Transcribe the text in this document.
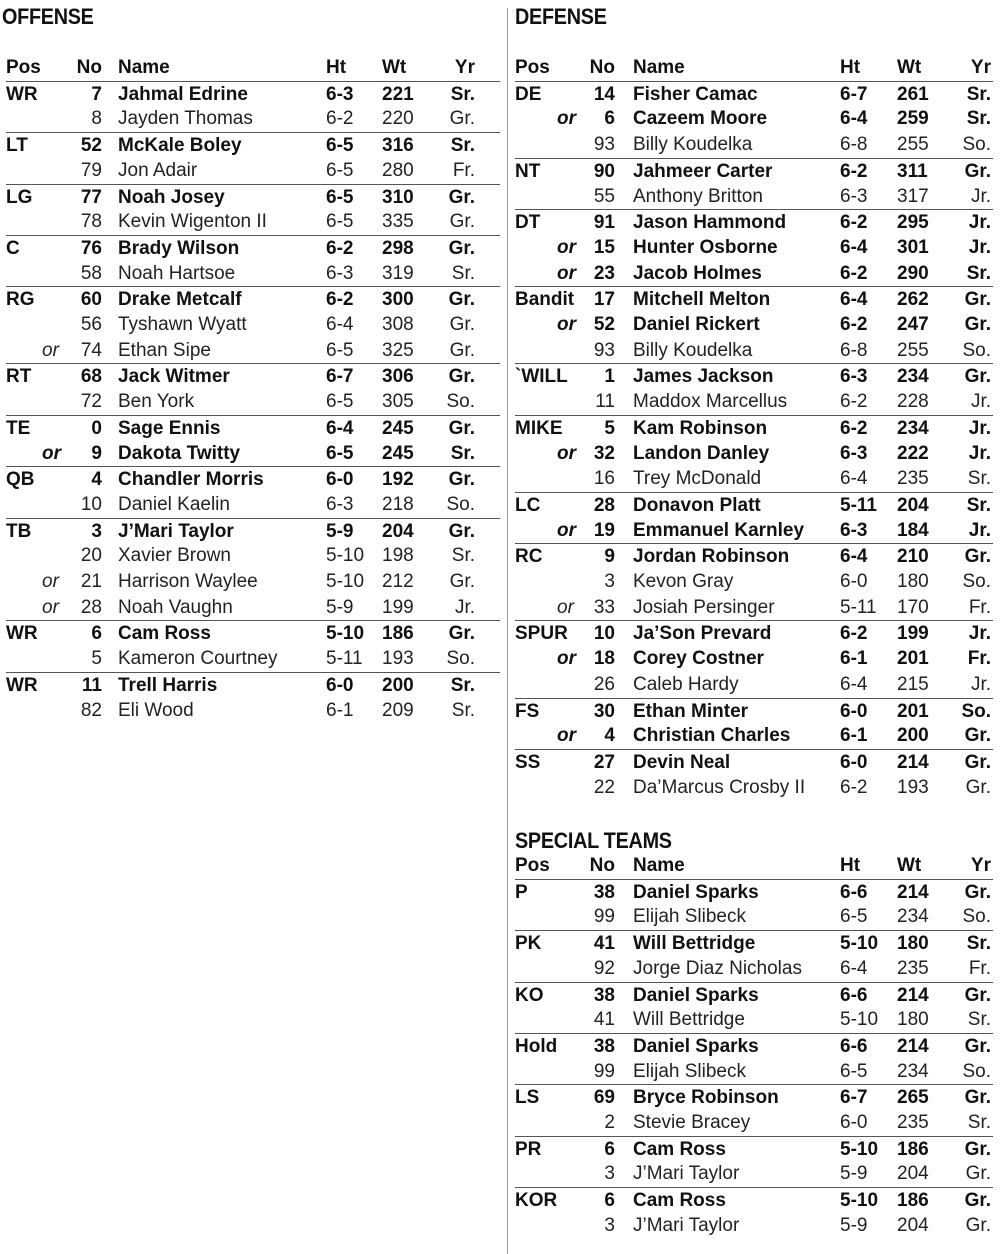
OFFENSE	DEFENSE
Pos	No Name	Ht Wt	Yr
WR	7 Jahmal Edrine	6-3 221	Sr.
8 Jayden Thomas	6-2 220	Gr.
LT	52 McKale Boley	6-5 316	Sr.
79 Jon Adair	6-5 280	Fr.
LG	77 Noah Josey	6-5 310	Gr.
78 Kevin Wigenton II	6-5 335	Gr.
C	76 Brady Wilson	6-2 298	Gr.
58 Noah Hartsoe	6-3 319	Sr.
RG	60 Drake Metcalf	6-2 300	Gr.
56 Tyshawn Wyatt	6-4 308	Gr.
or	74 Ethan Sipe	6-5 325	Gr.
RT	68 Jack Witmer	6-7 306	Gr.
72 Ben York	6-5 305	So.
TE	0 Sage Ennis	6-4 245	Gr.
or	9 Dakota Twitty	6-5 245	Sr.
QB	4 Chandler Morris	6-0 192	Gr.
10 Daniel Kaelin	6-3 218	So.
TB	3 J’Mari Taylor	5-9 204	Gr.
20 Xavier Brown	5-10 198	Sr.
or	21 Harrison Waylee	5-10 212	Gr.
or	28 Noah Vaughn	5-9 199	Jr.
WR	6 Cam Ross	5-10 186	Gr.
5 Kameron Courtney	5-11 193	So.
WR	11 Trell Harris	6-0 200	Sr.
82 Eli Wood	6-1 209	Sr.
Pos	No Name	Ht Wt	Yr
DE	14 Fisher Camac	6-7 261	Sr.
or	6 Cazeem Moore	6-4 259	Sr.
93 Billy Koudelka	6-8 255	So.
NT	90 Jahmeer Carter	6-2 311	Gr.
55 Anthony Britton	6-3 317	Jr.
DT	91 Jason Hammond	6-2 295	Jr.
or 15 Hunter Osborne	6-4 301	Jr.
or 23 Jacob Holmes	6-2 290	Sr.
Bandit	17 Mitchell Melton	6-4 262	Gr.
or 52 Daniel Rickert	6-2 247	Gr.
93 Billy Koudelka	6-8 255	So.
`WILL	1 James Jackson	6-3 234	Gr.
11 Maddox Marcellus	6-2 228	Jr.
MIKE	5 Kam Robinson	6-2 234	Jr.
or 32 Landon Danley	6-3 222	Jr.
16 Trey McDonald	6-4 235	Sr.
LC	28 Donavon Platt	5-11 204	Sr.
or 19 Emmanuel Karnley 6-3 184	Jr.
RC	9 Jordan Robinson	6-4 210	Gr.
3 Kevon Gray	6-0 180	So.
or	33 Josiah Persinger	5-11 170	Fr.
SPUR	10 Ja’Son Prevard	6-2 199	Jr.
or 18 Corey Costner	6-1 201	Fr.
26 Caleb Hardy	6-4 215	Jr.
FS	30 Ethan Minter	6-0 201	So.
or	4 Christian Charles	6-1 200	Gr.
SS	27 Devin Neal	6-0 214	Gr.
22 Da’Marcus Crosby II 6-2 193	Gr.
SPECIAL TEAMS
Pos	No Name	Ht Wt	Yr
P	38 Daniel Sparks	6-6 214	Gr.
99 Elijah Slibeck	6-5 234	So.
PK	41 Will Bettridge	5-10 180	Sr.
92 Jorge Diaz Nicholas 6-4 235	Fr.
KO	38 Daniel Sparks	6-6 214	Gr.
41 Will Bettridge	5-10 180	Sr.
Hold	38 Daniel Sparks	6-6 214	Gr.
99 Elijah Slibeck	6-5 234	So.
LS	69 Bryce Robinson	6-7 265	Gr.
2 Stevie Bracey	6-0 235	Sr.
PR	6 Cam Ross	5-10 186	Gr.
3 J’Mari Taylor	5-9 204	Gr.
KOR	6 Cam Ross	5-10 186	Gr.
3 J’Mari Taylor	5-9 204	Gr.
